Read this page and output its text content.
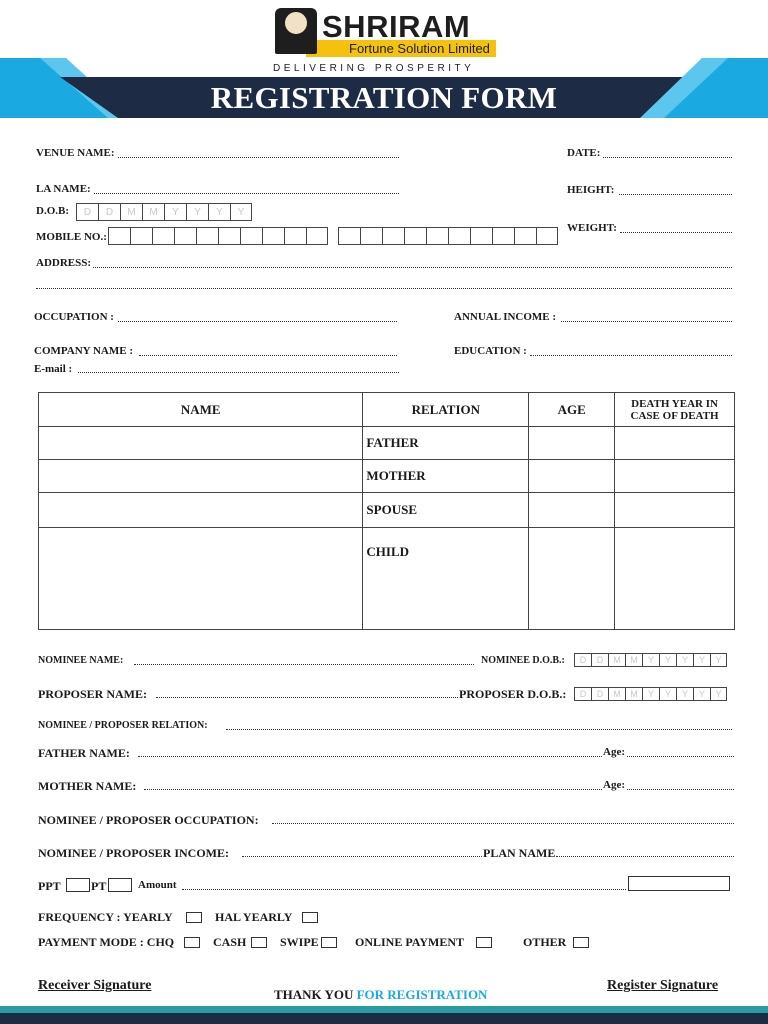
SHRIRAM
Fortune Solution Limited
DELIVERING PROSPERITY
REGISTRATION FORM
VENUE NAME:	DATE:
LA NAME:	HEIGHT:
D.O.B:	D	D	M	M	Y	Y	Y	Y
WEIGHT:
MOBILE NO.:
ADDRESS:
OCCUPATION :	ANNUAL INCOME :
COMPANY NAME :	EDUCATION :
E-mail :
NAME	RELATION	AGE	DEATH YEAR IN CASE OF DEATH
	FATHER		
	MOTHER		
	SPOUSE		
	CHILD		
NOMINEE NAME:	NOMINEE D.O.B.:	D	D	M	M	Y	Y	Y	Y	Y
PROPOSER NAME:	PROPOSER D.O.B.:	D	D	M	M	Y	Y	Y	Y	Y
NOMINEE / PROPOSER RELATION:
FATHER NAME:	Age:
MOTHER NAME:	Age:
NOMINEE / PROPOSER OCCUPATION:
NOMINEE / PROPOSER INCOME:	PLAN NAME
PPT	PT	Amount
FREQUENCY : YEARLY	HAL YEARLY
PAYMENT MODE : CHQ	CASH	SWIPE	ONLINE PAYMENT	OTHER
Receiver Signature	Register Signature
THANK YOU FOR REGISTRATION
